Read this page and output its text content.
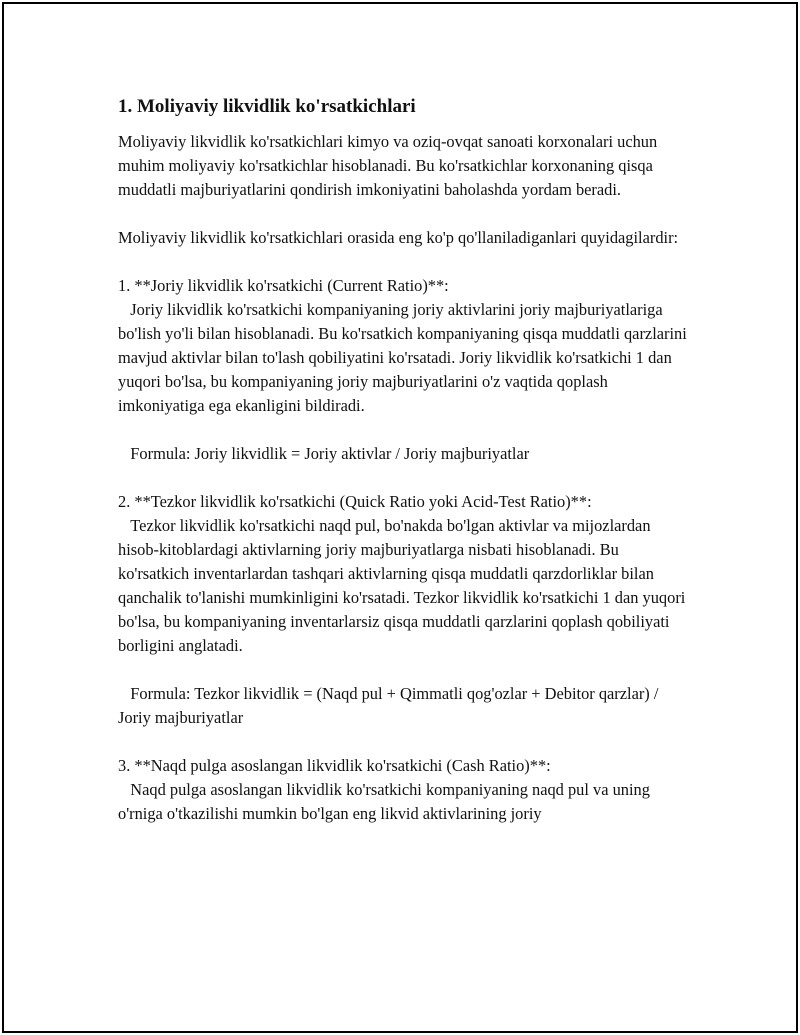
1. Moliyaviy likvidlik ko'rsatkichlari

Moliyaviy likvidlik ko'rsatkichlari kimyo va oziq-ovqat sanoati korxonalari uchun muhim moliyaviy ko'rsatkichlar hisoblanadi. Bu ko'rsatkichlar korxonaning qisqa muddatli majburiyatlarini qondirish imkoniyatini baholashda yordam beradi.

Moliyaviy likvidlik ko'rsatkichlari orasida eng ko'p qo'llaniladiganlari quyidagilardir:

1. **Joriy likvidlik ko'rsatkichi (Current Ratio)**:

Joriy likvidlik ko'rsatkichi kompaniyaning joriy aktivlarini joriy majburiyatlariga bo'lish yo'li bilan hisoblanadi. Bu ko'rsatkich kompaniyaning qisqa muddatli qarzlarini mavjud aktivlar bilan to'lash qobiliyatini ko'rsatadi. Joriy likvidlik ko'rsatkichi 1 dan yuqori bo'lsa, bu kompaniyaning joriy majburiyatlarini o'z vaqtida qoplash imkoniyatiga ega ekanligini bildiradi.

Formula: Joriy likvidlik = Joriy aktivlar / Joriy majburiyatlar

2. **Tezkor likvidlik ko'rsatkichi (Quick Ratio yoki Acid-Test Ratio)**:

Tezkor likvidlik ko'rsatkichi naqd pul, bo'nakda bo'lgan aktivlar va mijozlardan hisob-kitoblardagi aktivlarning joriy majburiyatlarga nisbati hisoblanadi. Bu ko'rsatkich inventarlardan tashqari aktivlarning qisqa muddatli qarzdorliklar bilan qanchalik to'lanishi mumkinligini ko'rsatadi. Tezkor likvidlik ko'rsatkichi 1 dan yuqori bo'lsa, bu kompaniyaning inventarlarsiz qisqa muddatli qarzlarini qoplash qobiliyati borligini anglatadi.

Formula: Tezkor likvidlik = (Naqd pul + Qimmatli qog'ozlar + Debitor qarzlar) / Joriy majburiyatlar

3. **Naqd pulga asoslangan likvidlik ko'rsatkichi (Cash Ratio)**:

Naqd pulga asoslangan likvidlik ko'rsatkichi kompaniyaning naqd pul va uning o'rniga o'tkazilishi mumkin bo'lgan eng likvid aktivlarining joriy
